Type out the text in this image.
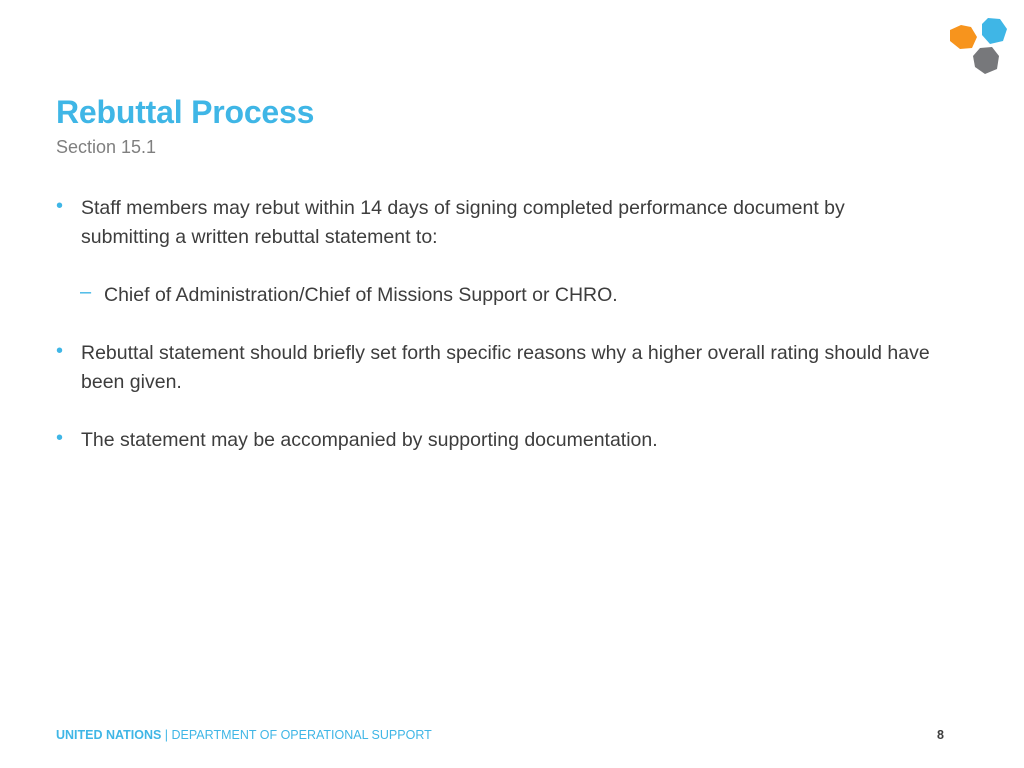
Rebuttal Process
Section 15.1
• Staff members may rebut within 14 days of signing completed performance document by submitting a written rebuttal statement to:
– Chief of Administration/Chief of Missions Support or CHRO.
• Rebuttal statement should briefly set forth specific reasons why a higher overall rating should have been given.
• The statement may be accompanied by supporting documentation.
UNITED NATIONS | DEPARTMENT OF OPERATIONAL SUPPORT	8
